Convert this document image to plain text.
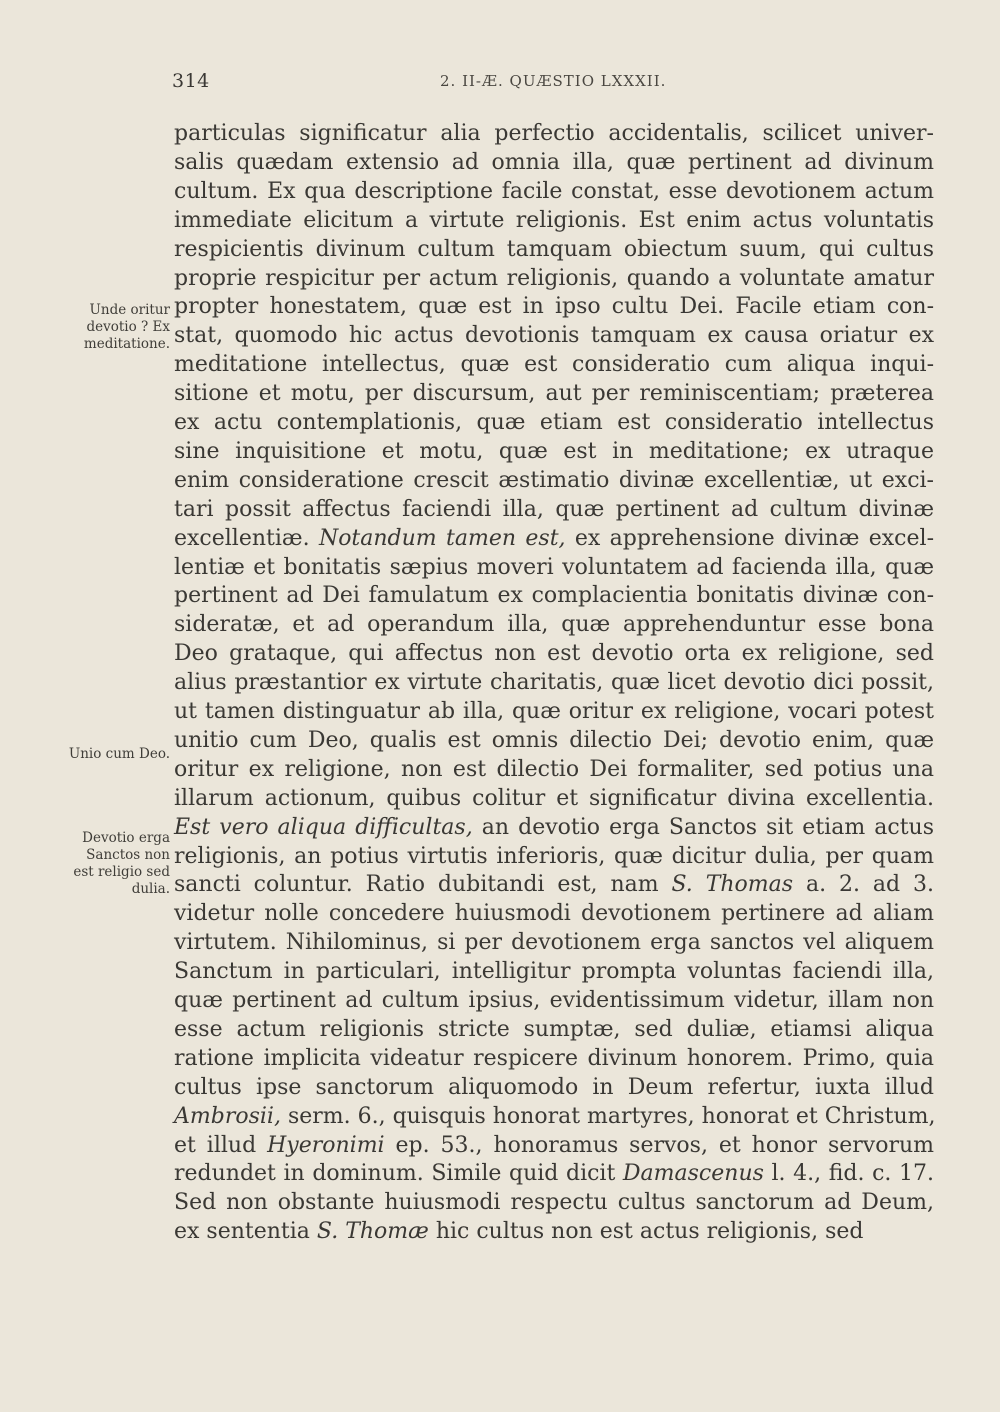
314	2. II-Æ. QUÆSTIO LXXXII.
Unde oritur
devotio ? Ex
meditatione.
Unio cum Deo.
Devotio erga
Sanctos non
est religio sed
dulia.
particulas significatur alia perfectio accidentalis, scilicet univer-
salis quædam extensio ad omnia illa, quæ pertinent ad divinum
cultum. Ex qua descriptione facile constat, esse devotionem actum
immediate elicitum a virtute religionis. Est enim actus voluntatis
respicientis divinum cultum tamquam obiectum suum, qui cultus
proprie respicitur per actum religionis, quando a voluntate amatur
propter honestatem, quæ est in ipso cultu Dei. Facile etiam con-
stat, quomodo hic actus devotionis tamquam ex causa oriatur ex
meditatione intellectus, quæ est consideratio cum aliqua inqui-
sitione et motu, per discursum, aut per reminiscentiam; præterea
ex actu contemplationis, quæ etiam est consideratio intellectus
sine inquisitione et motu, quæ est in meditatione; ex utraque
enim consideratione crescit æstimatio divinæ excellentiæ, ut exci-
tari possit affectus faciendi illa, quæ pertinent ad cultum divinæ
excellentiæ. Notandum tamen est, ex apprehensione divinæ excel-
lentiæ et bonitatis sæpius moveri voluntatem ad facienda illa, quæ
pertinent ad Dei famulatum ex complacientia bonitatis divinæ con-
sideratæ, et ad operandum illa, quæ apprehenduntur esse bona
Deo grataque, qui affectus non est devotio orta ex religione, sed
alius præstantior ex virtute charitatis, quæ licet devotio dici possit,
ut tamen distinguatur ab illa, quæ oritur ex religione, vocari potest
unitio cum Deo, qualis est omnis dilectio Dei; devotio enim, quæ
oritur ex religione, non est dilectio Dei formaliter, sed potius una
illarum actionum, quibus colitur et significatur divina excellentia.
Est vero aliqua difficultas, an devotio erga Sanctos sit etiam actus
religionis, an potius virtutis inferioris, quæ dicitur dulia, per quam
sancti coluntur. Ratio dubitandi est, nam S. Thomas a. 2. ad 3.
videtur nolle concedere huiusmodi devotionem pertinere ad aliam
virtutem. Nihilominus, si per devotionem erga sanctos vel aliquem
Sanctum in particulari, intelligitur prompta voluntas faciendi illa,
quæ pertinent ad cultum ipsius, evidentissimum videtur, illam non
esse actum religionis stricte sumptæ, sed duliæ, etiamsi aliqua
ratione implicita videatur respicere divinum honorem. Primo, quia
cultus ipse sanctorum aliquomodo in Deum refertur, iuxta illud
Ambrosii, serm. 6., quisquis honorat martyres, honorat et Christum,
et illud Hyeronimi ep. 53., honoramus servos, et honor servorum
redundet in dominum. Simile quid dicit Damascenus l. 4., fid. c. 17.
Sed non obstante huiusmodi respectu cultus sanctorum ad Deum,
ex sententia S. Thomæ hic cultus non est actus religionis, sed
